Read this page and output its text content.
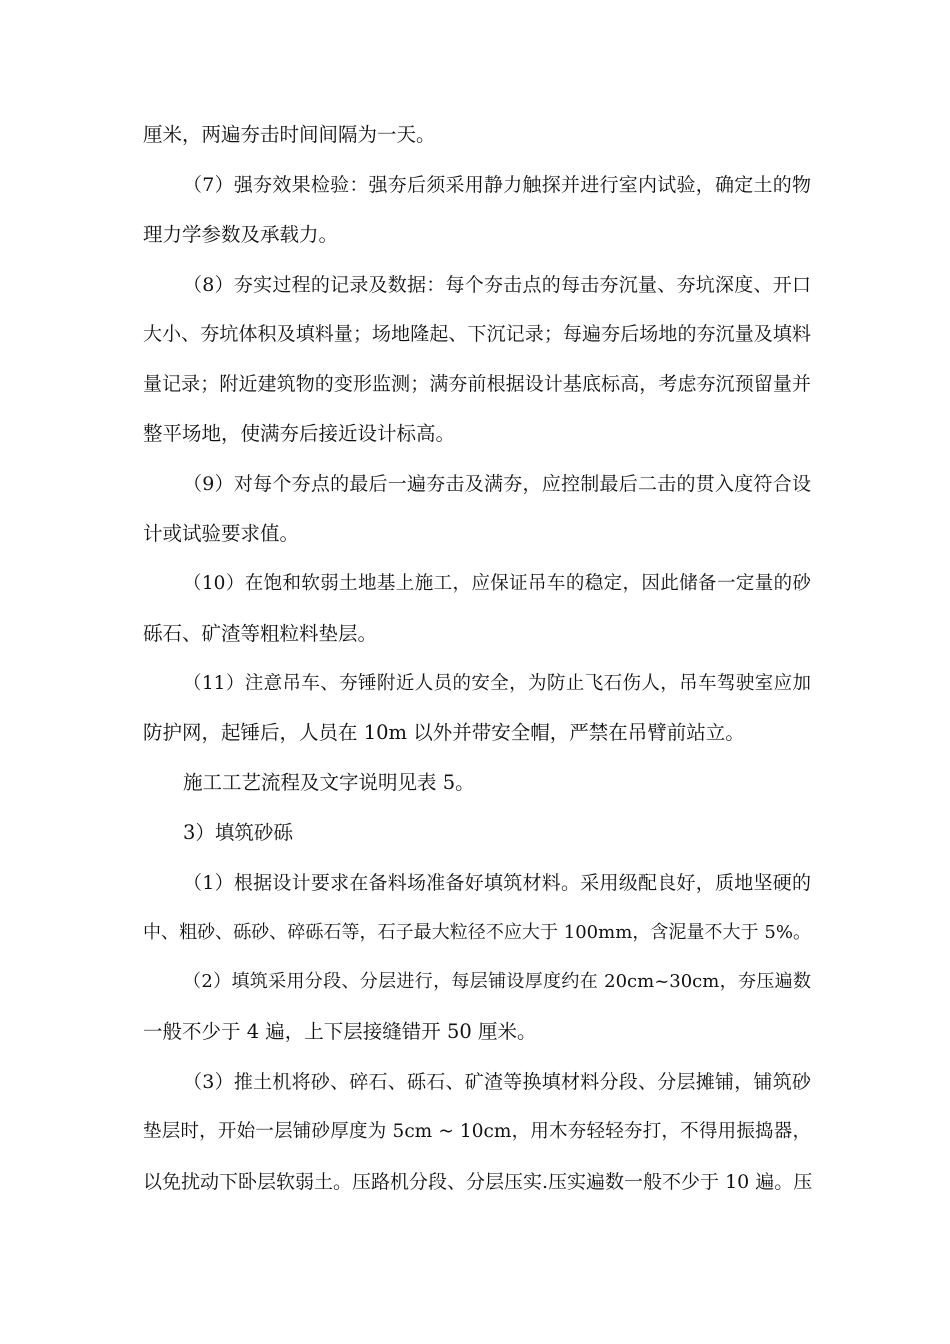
厘米，两遍夯击时间间隔为一天。
（7）强夯效果检验：强夯后须采用静力触探并进行室内试验，确定土的物
理力学参数及承载力。
（8）夯实过程的记录及数据：每个夯击点的每击夯沉量、夯坑深度、开口
大小、夯坑体积及填料量；场地隆起、下沉记录；每遍夯后场地的夯沉量及填料
量记录；附近建筑物的变形监测；满夯前根据设计基底标高，考虑夯沉预留量并
整平场地，使满夯后接近设计标高。
（9）对每个夯点的最后一遍夯击及满夯，应控制最后二击的贯入度符合设
计或试验要求值。
（10）在饱和软弱土地基上施工，应保证吊车的稳定，因此储备一定量的砂
砾石、矿渣等粗粒料垫层。
（11）注意吊车、夯锤附近人员的安全，为防止飞石伤人，吊车驾驶室应加
防护网，起锤后，人员在 10m 以外并带安全帽，严禁在吊臂前站立。
施工工艺流程及文字说明见表 5。
3）填筑砂砾
（1）根据设计要求在备料场准备好填筑材料。采用级配良好，质地坚硬的
中、粗砂、砾砂、碎砾石等，石子最大粒径不应大于 100mm，含泥量不大于 5%。
（2）填筑采用分段、分层进行，每层铺设厚度约在 20cm~30cm，夯压遍数
一般不少于 4 遍，上下层接缝错开 50 厘米。
（3）推土机将砂、碎石、砾石、矿渣等换填材料分段、分层摊铺，铺筑砂
垫层时，开始一层铺砂厚度为 5cm ~ 10cm，用木夯轻轻夯打，不得用振捣器，
以免扰动下卧层软弱土。压路机分段、分层压实.压实遍数一般不少于 10 遍。压
